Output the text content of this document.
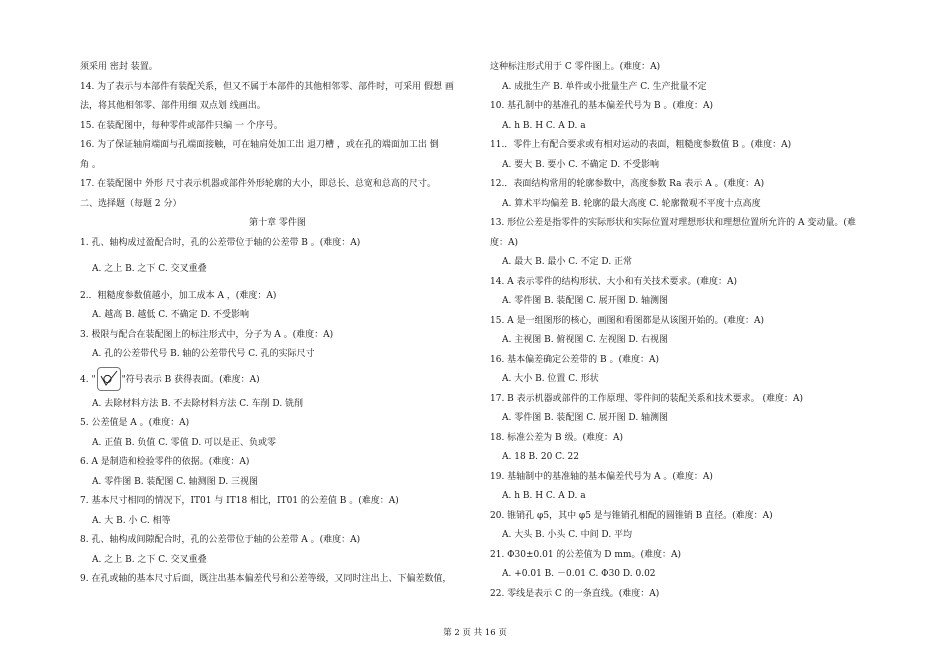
须采用 密封 装置。
14. 为了表示与本部件有装配关系，但又不属于本部件的其他相邻零、部件时，可采用 假想 画
法，将其他相邻零、部件用细 双点划 线画出。
15. 在装配图中，每种零件或部件只编 一 个序号。
16. 为了保证轴肩端面与孔端面接触，可在轴肩处加工出 退刀槽 ，或在孔的端面加工出 倒
角 。
17. 在装配图中 外形 尺寸表示机器或部件外形轮廓的大小，即总长、总宽和总高的尺寸。
二、选择题（每题 2 分）
第十章 零件图
1. 孔、轴构成过盈配合时，孔的公差带位于轴的公差带 B 。(难度：A)
A. 之上 B. 之下 C. 交叉重叠
2.．粗糙度参数值越小，加工成本 A ，(难度：A)
A. 越高 B. 越低 C. 不确定 D. 不受影响
3. 极限与配合在装配图上的标注形式中，分子为 A 。(难度：A)
A. 孔的公差带代号 B. 轴的公差带代号 C. 孔的实际尺寸
4. "	"符号表示 B 获得表面。(难度：A)
A. 去除材料方法 B. 不去除材料方法 C. 车削 D. 铣削
5. 公差值是 A 。(难度：A)
A. 正值 B. 负值 C. 零值 D. 可以是正、负或零
6. A 是制造和检验零件的依据。(难度：A)
A. 零件图 B. 装配图 C. 轴测图 D. 三视图
7. 基本尺寸相同的情况下，IT01 与 IT18 相比，IT01 的公差值 B 。(难度：A)
A. 大 B. 小 C. 相等
8. 孔、轴构成间隙配合时，孔的公差带位于轴的公差带 A 。(难度：A)
A. 之上 B. 之下 C. 交叉重叠
9. 在孔或轴的基本尺寸后面，既注出基本偏差代号和公差等级，又同时注出上、下偏差数值，
这种标注形式用于 C 零件图上。(难度：A)
A. 成批生产 B. 单件或小批量生产 C. 生产批量不定
10. 基孔制中的基准孔的基本偏差代号为 B 。(难度：A)
A. h B. H C. A D. a
11.．零件上有配合要求或有相对运动的表面，粗糙度参数值 B 。(难度：A)
A. 要大 B. 要小 C. 不确定 D. 不受影响
12.．表面结构常用的轮廓参数中，高度参数 Ra 表示 A 。(难度：A)
A. 算术平均偏差 B. 轮廓的最大高度 C. 轮廓微观不平度十点高度
13. 形位公差是指零件的实际形状和实际位置对理想形状和理想位置所允许的 A 变动量。(难
度：A)
A. 最大 B. 最小 C. 不定 D. 正常
14. A 表示零件的结构形状、大小和有关技术要求。(难度：A)
A. 零件图 B. 装配图 C. 展开图 D. 轴测图
15. A 是一组图形的核心，画图和看图都是从该图开始的。(难度：A)
A. 主视图 B. 俯视图 C. 左视图 D. 右视图
16. 基本偏差确定公差带的 B 。(难度：A)
A. 大小 B. 位置 C. 形状
17. B 表示机器或部件的工作原理、零件间的装配关系和技术要求。 (难度：A)
A. 零件图 B. 装配图 C. 展开图 D. 轴测图
18. 标准公差为 B 级。(难度：A)
A. 18 B. 20 C. 22
19. 基轴制中的基准轴的基本偏差代号为 A 。(难度：A)
A. h B. H C. A D. a
20. 锥销孔 φ5，其中 φ5 是与锥销孔相配的圆锥销 B 直径。(难度：A)
A. 大头 B. 小头 C. 中间 D. 平均
21. Φ30±0.01 的公差值为 D mm。(难度：A)
A. +0.01 B. －0.01 C. Φ30 D. 0.02
22. 零线是表示 C 的一条直线。(难度：A)
第 2 页 共 16 页
